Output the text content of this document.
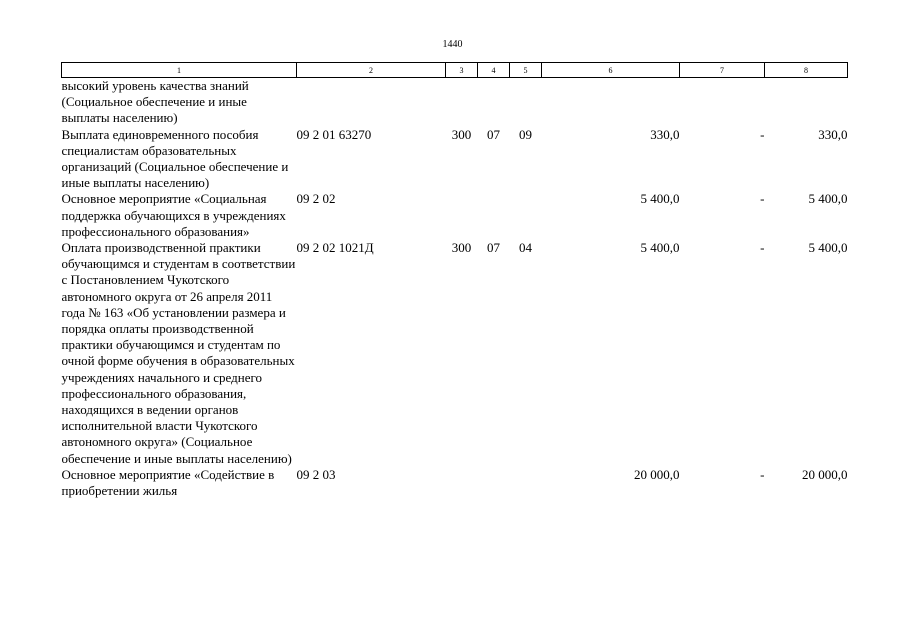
1440
1	2	3	4	5	6	7	8
высокий уровень качества знаний (Социальное обеспечение и иные выплаты населению)							
Выплата единовременного пособия специалистам образовательных организаций (Социальное обеспечение и иные выплаты населению)	09 2 01 63270	300	07	09	330,0	-	330,0
Основное мероприятие «Социальная поддержка обучающихся в учреждениях профессионального образования»	09 2 02				5 400,0	-	5 400,0
Оплата производственной практики обучающимся и студентам в соответствии с Постановлением Чукотского автономного округа от 26 апреля 2011 года № 163 «Об установлении размера и порядка оплаты производственной практики обучающимся и студентам по очной форме обучения в образовательных учреждениях начального и среднего профессионального образования, находящихся в ведении органов исполнительной власти Чукотского автономного округа» (Социальное обеспечение и иные выплаты населению)	09 2 02 1021Д	300	07	04	5 400,0	-	5 400,0
Основное мероприятие «Содействие в приобретении жилья	09 2 03				20 000,0	-	20 000,0
